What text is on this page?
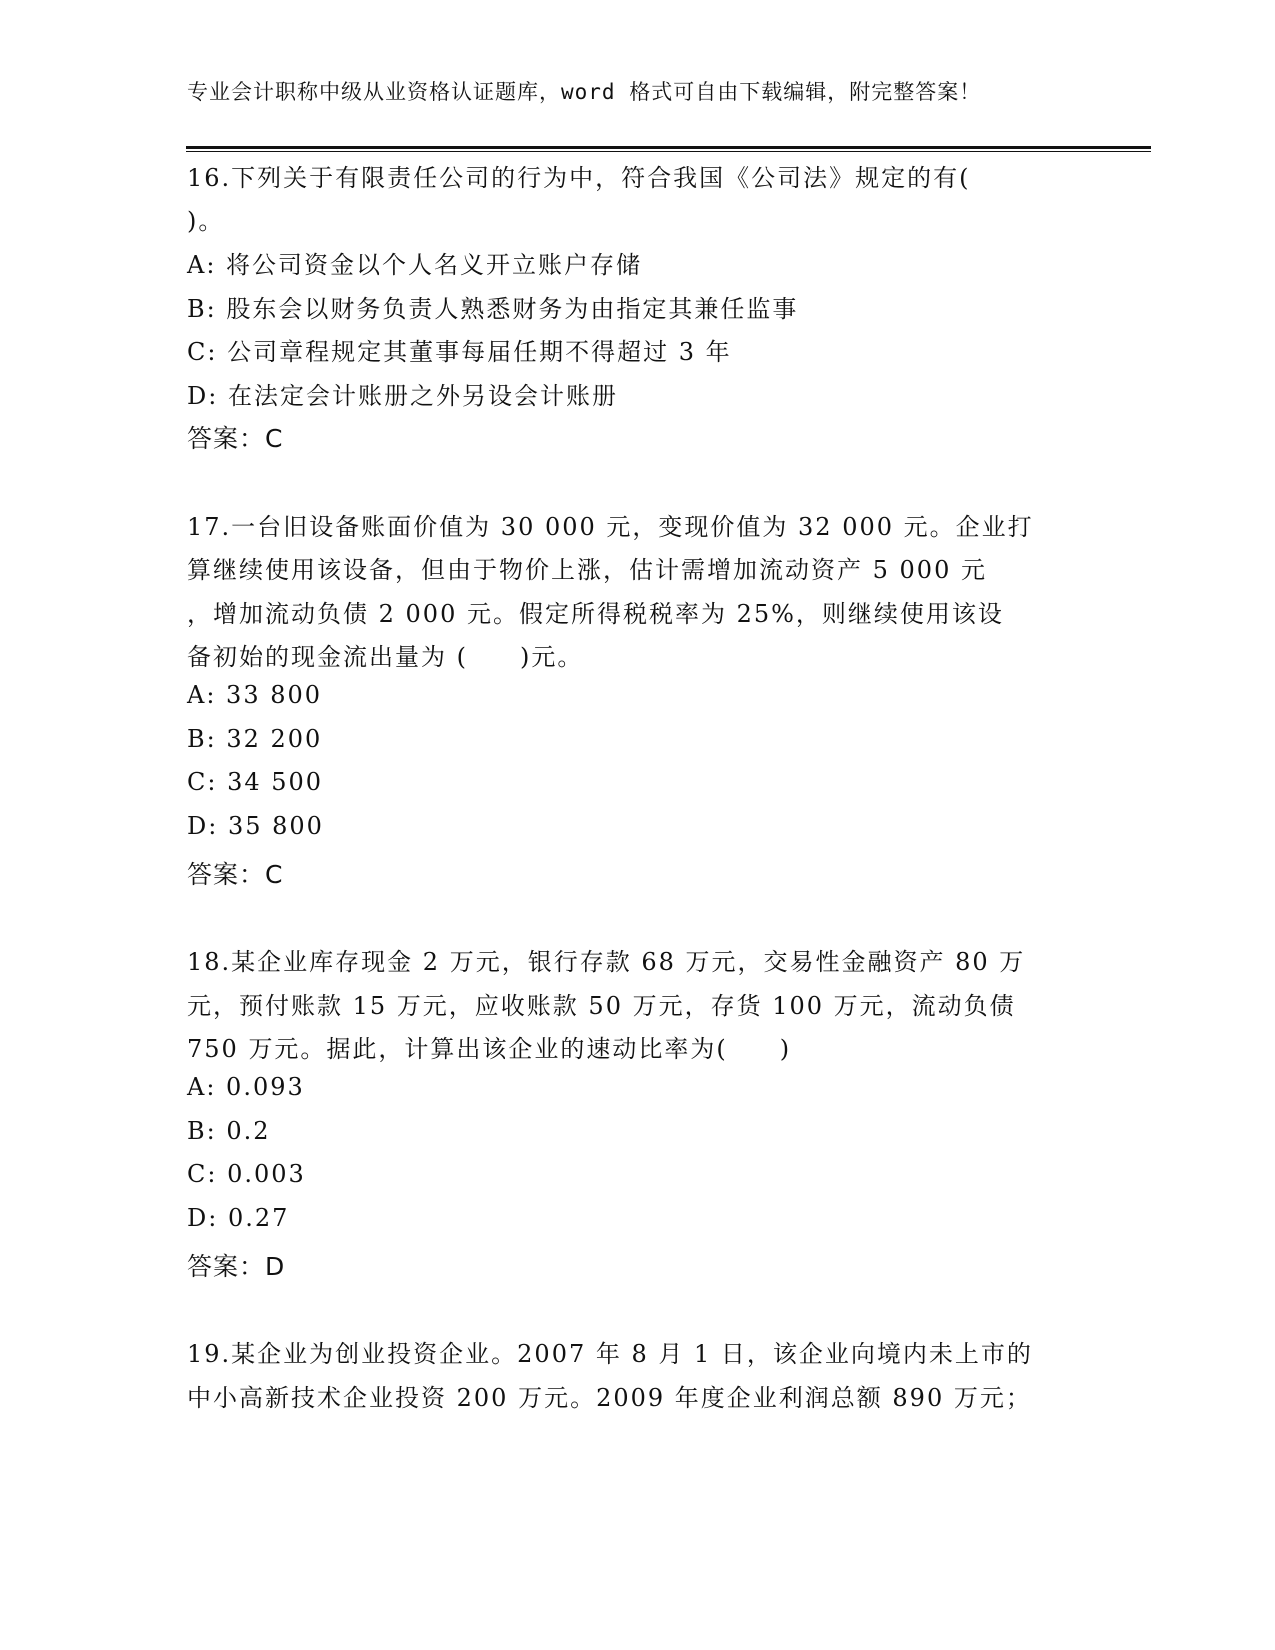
专业会计职称中级从业资格认证题库，word 格式可自由下载编辑，附完整答案！
16.下列关于有限责任公司的行为中，符合我国《公司法》规定的有(
)。
A: 将公司资金以个人名义开立账户存储
B: 股东会以财务负责人熟悉财务为由指定其兼任监事
C: 公司章程规定其董事每届任期不得超过 3 年
D: 在法定会计账册之外另设会计账册
答案：C
17.一台旧设备账面价值为 30 000 元，变现价值为 32 000 元。企业打
算继续使用该设备，但由于物价上涨，估计需增加流动资产 5 000 元
，增加流动负债 2 000 元。假定所得税税率为 25%，则继续使用该设
备初始的现金流出量为 (　　)元。
A: 33 800
B: 32 200
C: 34 500
D: 35 800
答案：C
18.某企业库存现金 2 万元，银行存款 68 万元，交易性金融资产 80 万
元，预付账款 15 万元，应收账款 50 万元，存货 100 万元，流动负债
750 万元。据此，计算出该企业的速动比率为(　　)
A: 0.093
B: 0.2
C: 0.003
D: 0.27
答案：D
19.某企业为创业投资企业。2007 年 8 月 1 日，该企业向境内未上市的
中小高新技术企业投资 200 万元。2009 年度企业利润总额 890 万元；
